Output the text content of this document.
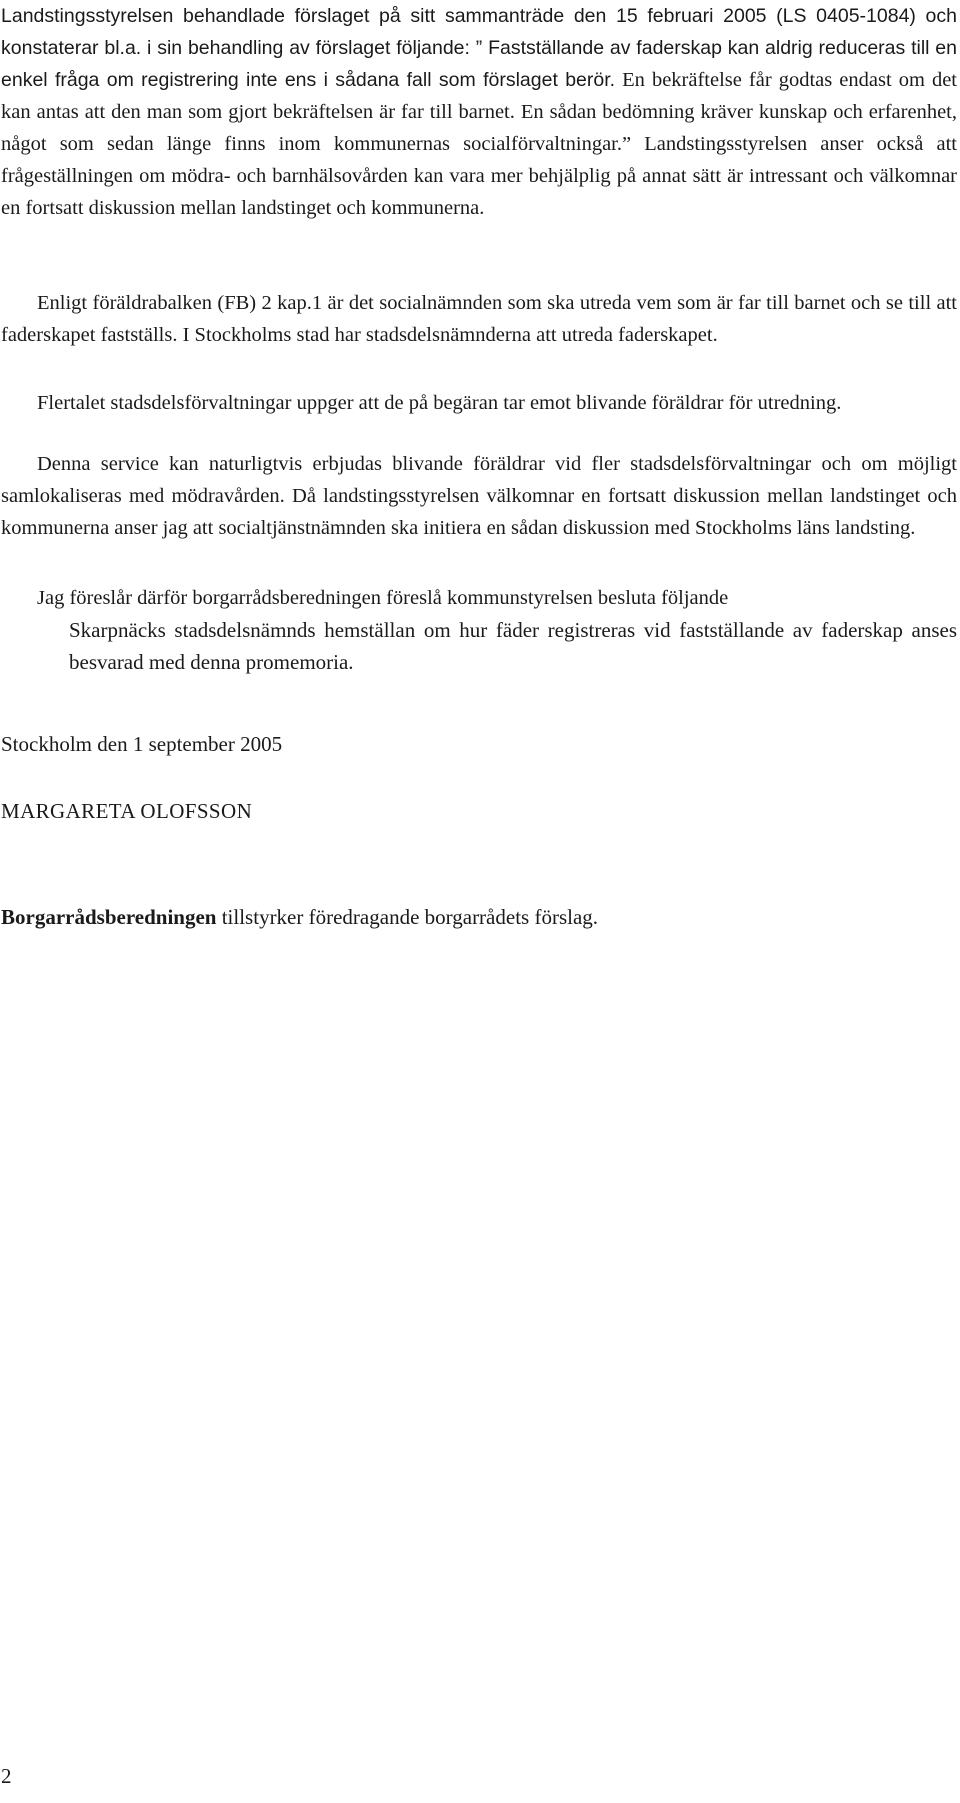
Landstingsstyrelsen behandlade förslaget på sitt sammanträde den 15 februari 2005 (LS 0405-1084) och konstaterar bl.a. i sin behandling av förslaget följande: ” Fastställande av faderskap kan aldrig reduceras till en enkel fråga om registrering inte ens i sådana fall som förslaget berör. En bekräftelse får godtas endast om det kan antas att den man som gjort bekräftelsen är far till barnet. En sådan bedömning kräver kunskap och erfarenhet, något som sedan länge finns inom kommunernas socialförvaltningar.” Landstingsstyrelsen anser också att frågeställningen om mödra- och barnhälsovården kan vara mer behjälplig på annat sätt är intressant och välkomnar en fortsatt diskussion mellan landstinget och kommunerna.
Enligt föräldrabalken (FB) 2 kap.1 är det socialnämnden som ska utreda vem som är far till barnet och se till att faderskapet fastställs. I Stockholms stad har stadsdelsnämnderna att utreda faderskapet.
Flertalet stadsdelsförvaltningar uppger att de på begäran tar emot blivande föräldrar för utredning.
Denna service kan naturligtvis erbjudas blivande föräldrar vid fler stadsdelsförvaltningar och om möjligt samlokaliseras med mödravården. Då landstingsstyrelsen välkomnar en fortsatt diskussion mellan landstinget och kommunerna anser jag att socialtjänstnämnden ska initiera en sådan diskussion med Stockholms läns landsting.
Jag föreslår därför borgarrådsberedningen föreslå kommunstyrelsen besluta följande
Skarpnäcks stadsdelsnämnds hemställan om hur fäder registreras vid fastställande av faderskap anses besvarad med denna promemoria.
Stockholm den 1 september 2005
MARGARETA OLOFSSON
Borgarrådsberedningen tillstyrker föredragande borgarrådets förslag.
2
